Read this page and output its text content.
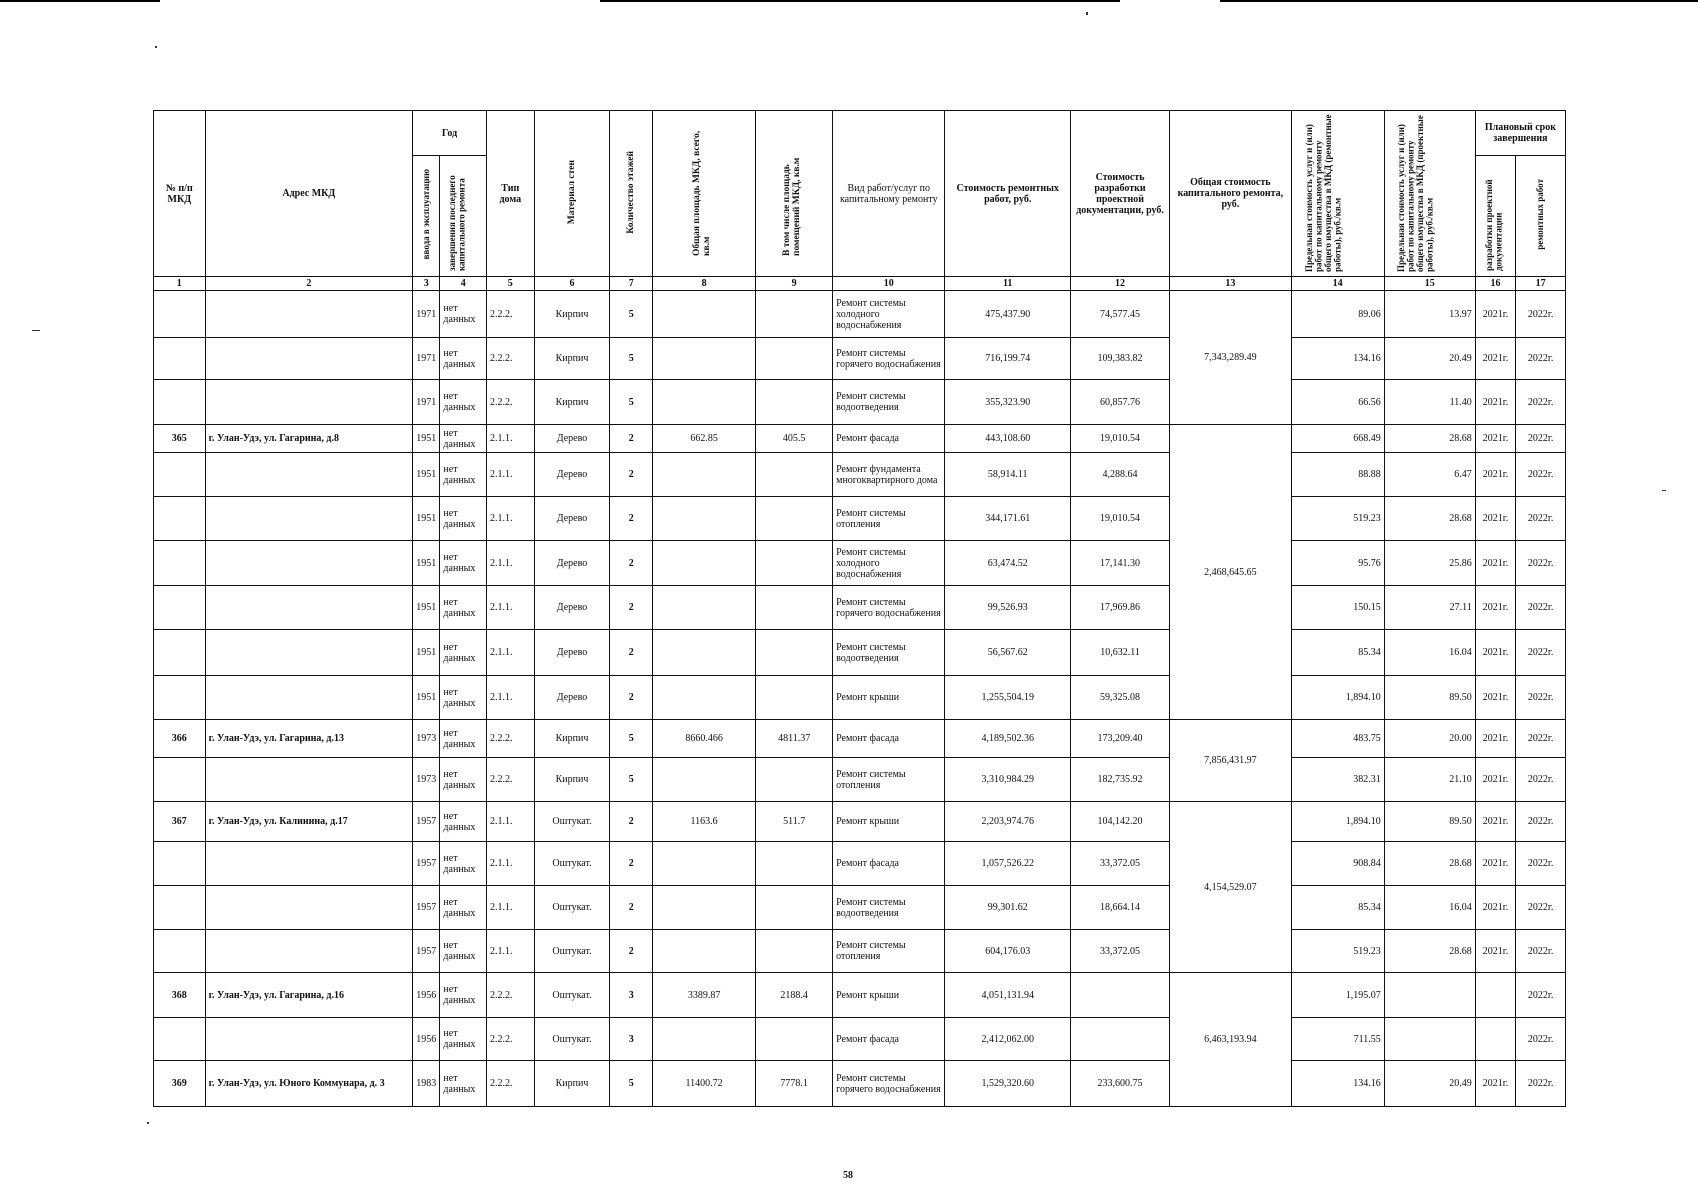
№ п/п МКД	Адрес МКД	Год		Тип дома	Материал стен	Количество этажей	Общая площадь МКД, всего, кв.м	В том числе площадь помещений МКД, кв.м	Вид работ/услуг по капитальному ремонту	Стоимость ремонтных работ, руб.	Стоимость разработки проектной документации, руб.	Общая стоимость капитального ремонта, руб.	Предельная стоимость услуг и (или) работ по капитальному ремонту общего имущества в МКД (ремонтные работы), руб./кв.м	Предельная стоимость услуг и (или) работ по капитальному ремонту общего имущества в МКД (проектные работы), руб./кв.м	Плановый срок завершения	
		ввода в эксплуатацию	завершения последнего капитального ремонта												разработки проектной документации	ремонтных работ
1	2	3	4	5	6	7	8	9	10	11	12	13	14	15	16	17
		1971	нет данных	2.2.2.	Кирпич	5			Ремонт системы холодного водоснабжения	475,437.90	74,577.45	7,343,289.49	89.06	13.97	2021г.	2022г.
		1971	нет данных	2.2.2.	Кирпич	5			Ремонт системы горячего водоснабжения	716,199.74	109,383.82		134.16	20.49	2021г.	2022г.
		1971	нет данных	2.2.2.	Кирпич	5			Ремонт системы водоотведения	355,323.90	60,857.76		66.56	11.40	2021г.	2022г.
365	г. Улан-Удэ, ул. Гагарина, д.8	1951	нет данных	2.1.1.	Дерево	2	662.85	405.5	Ремонт фасада	443,108.60	19,010.54	2,468,645.65	668.49	28.68	2021г.	2022г.
		1951	нет данных	2.1.1.	Дерево	2			Ремонт фундамента многоквартирного дома	58,914.11	4,288.64		88.88	6.47	2021г.	2022г.
		1951	нет данных	2.1.1.	Дерево	2			Ремонт системы отопления	344,171.61	19,010.54		519.23	28.68	2021г.	2022г.
		1951	нет данных	2.1.1.	Дерево	2			Ремонт системы холодного водоснабжения	63,474.52	17,141.30		95.76	25.86	2021г.	2022г.
		1951	нет данных	2.1.1.	Дерево	2			Ремонт системы горячего водоснабжения	99,526.93	17,969.86		150.15	27.11	2021г.	2022г.
		1951	нет данных	2.1.1.	Дерево	2			Ремонт системы водоотведения	56,567.62	10,632.11		85.34	16.04	2021г.	2022г.
		1951	нет данных	2.1.1.	Дерево	2			Ремонт крыши	1,255,504.19	59,325.08		1,894.10	89.50	2021г.	2022г.
366	г. Улан-Удэ, ул. Гагарина, д.13	1973	нет данных	2.2.2.	Кирпич	5	8660.466	4811.37	Ремонт фасада	4,189,502.36	173,209.40	7,856,431.97	483.75	20.00	2021г.	2022г.
		1973	нет данных	2.2.2.	Кирпич	5			Ремонт системы отопления	3,310,984.29	182,735.92		382.31	21.10	2021г.	2022г.
367	г. Улан-Удэ, ул. Калинина, д.17	1957	нет данных	2.1.1.	Оштукат.	2	1163.6	511.7	Ремонт крыши	2,203,974.76	104,142.20	4,154,529.07	1,894.10	89.50	2021г.	2022г.
		1957	нет данных	2.1.1.	Оштукат.	2			Ремонт фасада	1,057,526.22	33,372.05		908.84	28.68	2021г.	2022г.
		1957	нет данных	2.1.1.	Оштукат.	2			Ремонт системы водоотведения	99,301.62	18,664.14		85.34	16.04	2021г.	2022г.
		1957	нет данных	2.1.1.	Оштукат.	2			Ремонт системы отопления	604,176.03	33,372.05		519.23	28.68	2021г.	2022г.
368	г. Улан-Удэ, ул. Гагарина, д.16	1956	нет данных	2.2.2.	Оштукат.	3	3389.87	2188.4	Ремонт крыши	4,051,131.94		6,463,193.94	1,195.07			2022г.
		1956	нет данных	2.2.2.	Оштукат.	3			Ремонт фасада	2,412,062.00			711.55			2022г.
369	г. Улан-Удэ, ул. Юного Коммунара, д. 3	1983	нет данных	2.2.2.	Кирпич	5	11400.72	7778.1	Ремонт системы горячего водоснабжения	1,529,320.60	233,600.75		134.16	20.49	2021г.	2022г.
58
